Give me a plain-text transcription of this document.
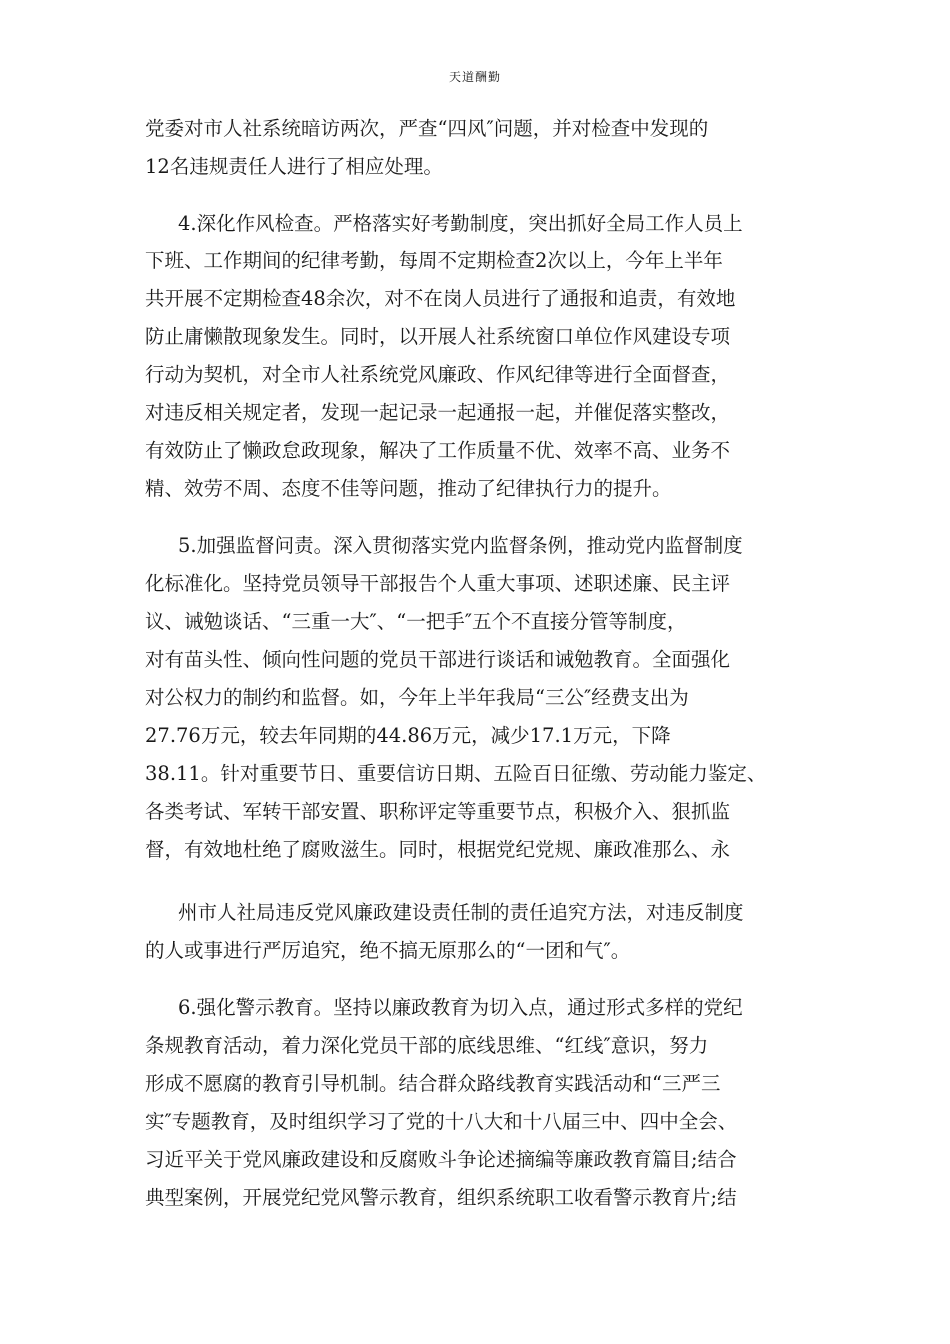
天道酬勤
党委对市人社系统暗访两次，严查“四风″问题，并对检查中发现的
12名违规责任人进行了相应处理。
4.深化作风检查。严格落实好考勤制度，突出抓好全局工作人员上
下班、工作期间的纪律考勤，每周不定期检查2次以上，今年上半年
共开展不定期检查48余次，对不在岗人员进行了通报和追责，有效地
防止庸懒散现象发生。同时，以开展人社系统窗口单位作风建设专项
行动为契机，对全市人社系统党风廉政、作风纪律等进行全面督查，
对违反相关规定者，发现一起记录一起通报一起，并催促落实整改，
有效防止了懒政怠政现象，解决了工作质量不优、效率不高、业务不
精、效劳不周、态度不佳等问题，推动了纪律执行力的提升。
5.加强监督问责。深入贯彻落实党内监督条例，推动党内监督制度
化标准化。坚持党员领导干部报告个人重大事项、述职述廉、民主评
议、诫勉谈话、“三重一大″、“一把手″五个不直接分管等制度，
对有苗头性、倾向性问题的党员干部进行谈话和诫勉教育。全面强化
对公权力的制约和监督。如，今年上半年我局“三公″经费支出为
27.76万元，较去年同期的44.86万元，减少17.1万元，下降
38.11。针对重要节日、重要信访日期、五险百日征缴、劳动能力鉴定、
各类考试、军转干部安置、职称评定等重要节点，积极介入、狠抓监
督，有效地杜绝了腐败滋生。同时，根据党纪党规、廉政准那么、永
州市人社局违反党风廉政建设责任制的责任追究方法，对违反制度
的人或事进行严厉追究，绝不搞无原那么的“一团和气″。
6.强化警示教育。坚持以廉政教育为切入点，通过形式多样的党纪
条规教育活动，着力深化党员干部的底线思维、“红线″意识，努力
形成不愿腐的教育引导机制。结合群众路线教育实践活动和“三严三
实″专题教育，及时组织学习了党的十八大和十八届三中、四中全会、
习近平关于党风廉政建设和反腐败斗争论述摘编等廉政教育篇目;结合
典型案例，开展党纪党风警示教育，组织系统职工收看警示教育片;结
